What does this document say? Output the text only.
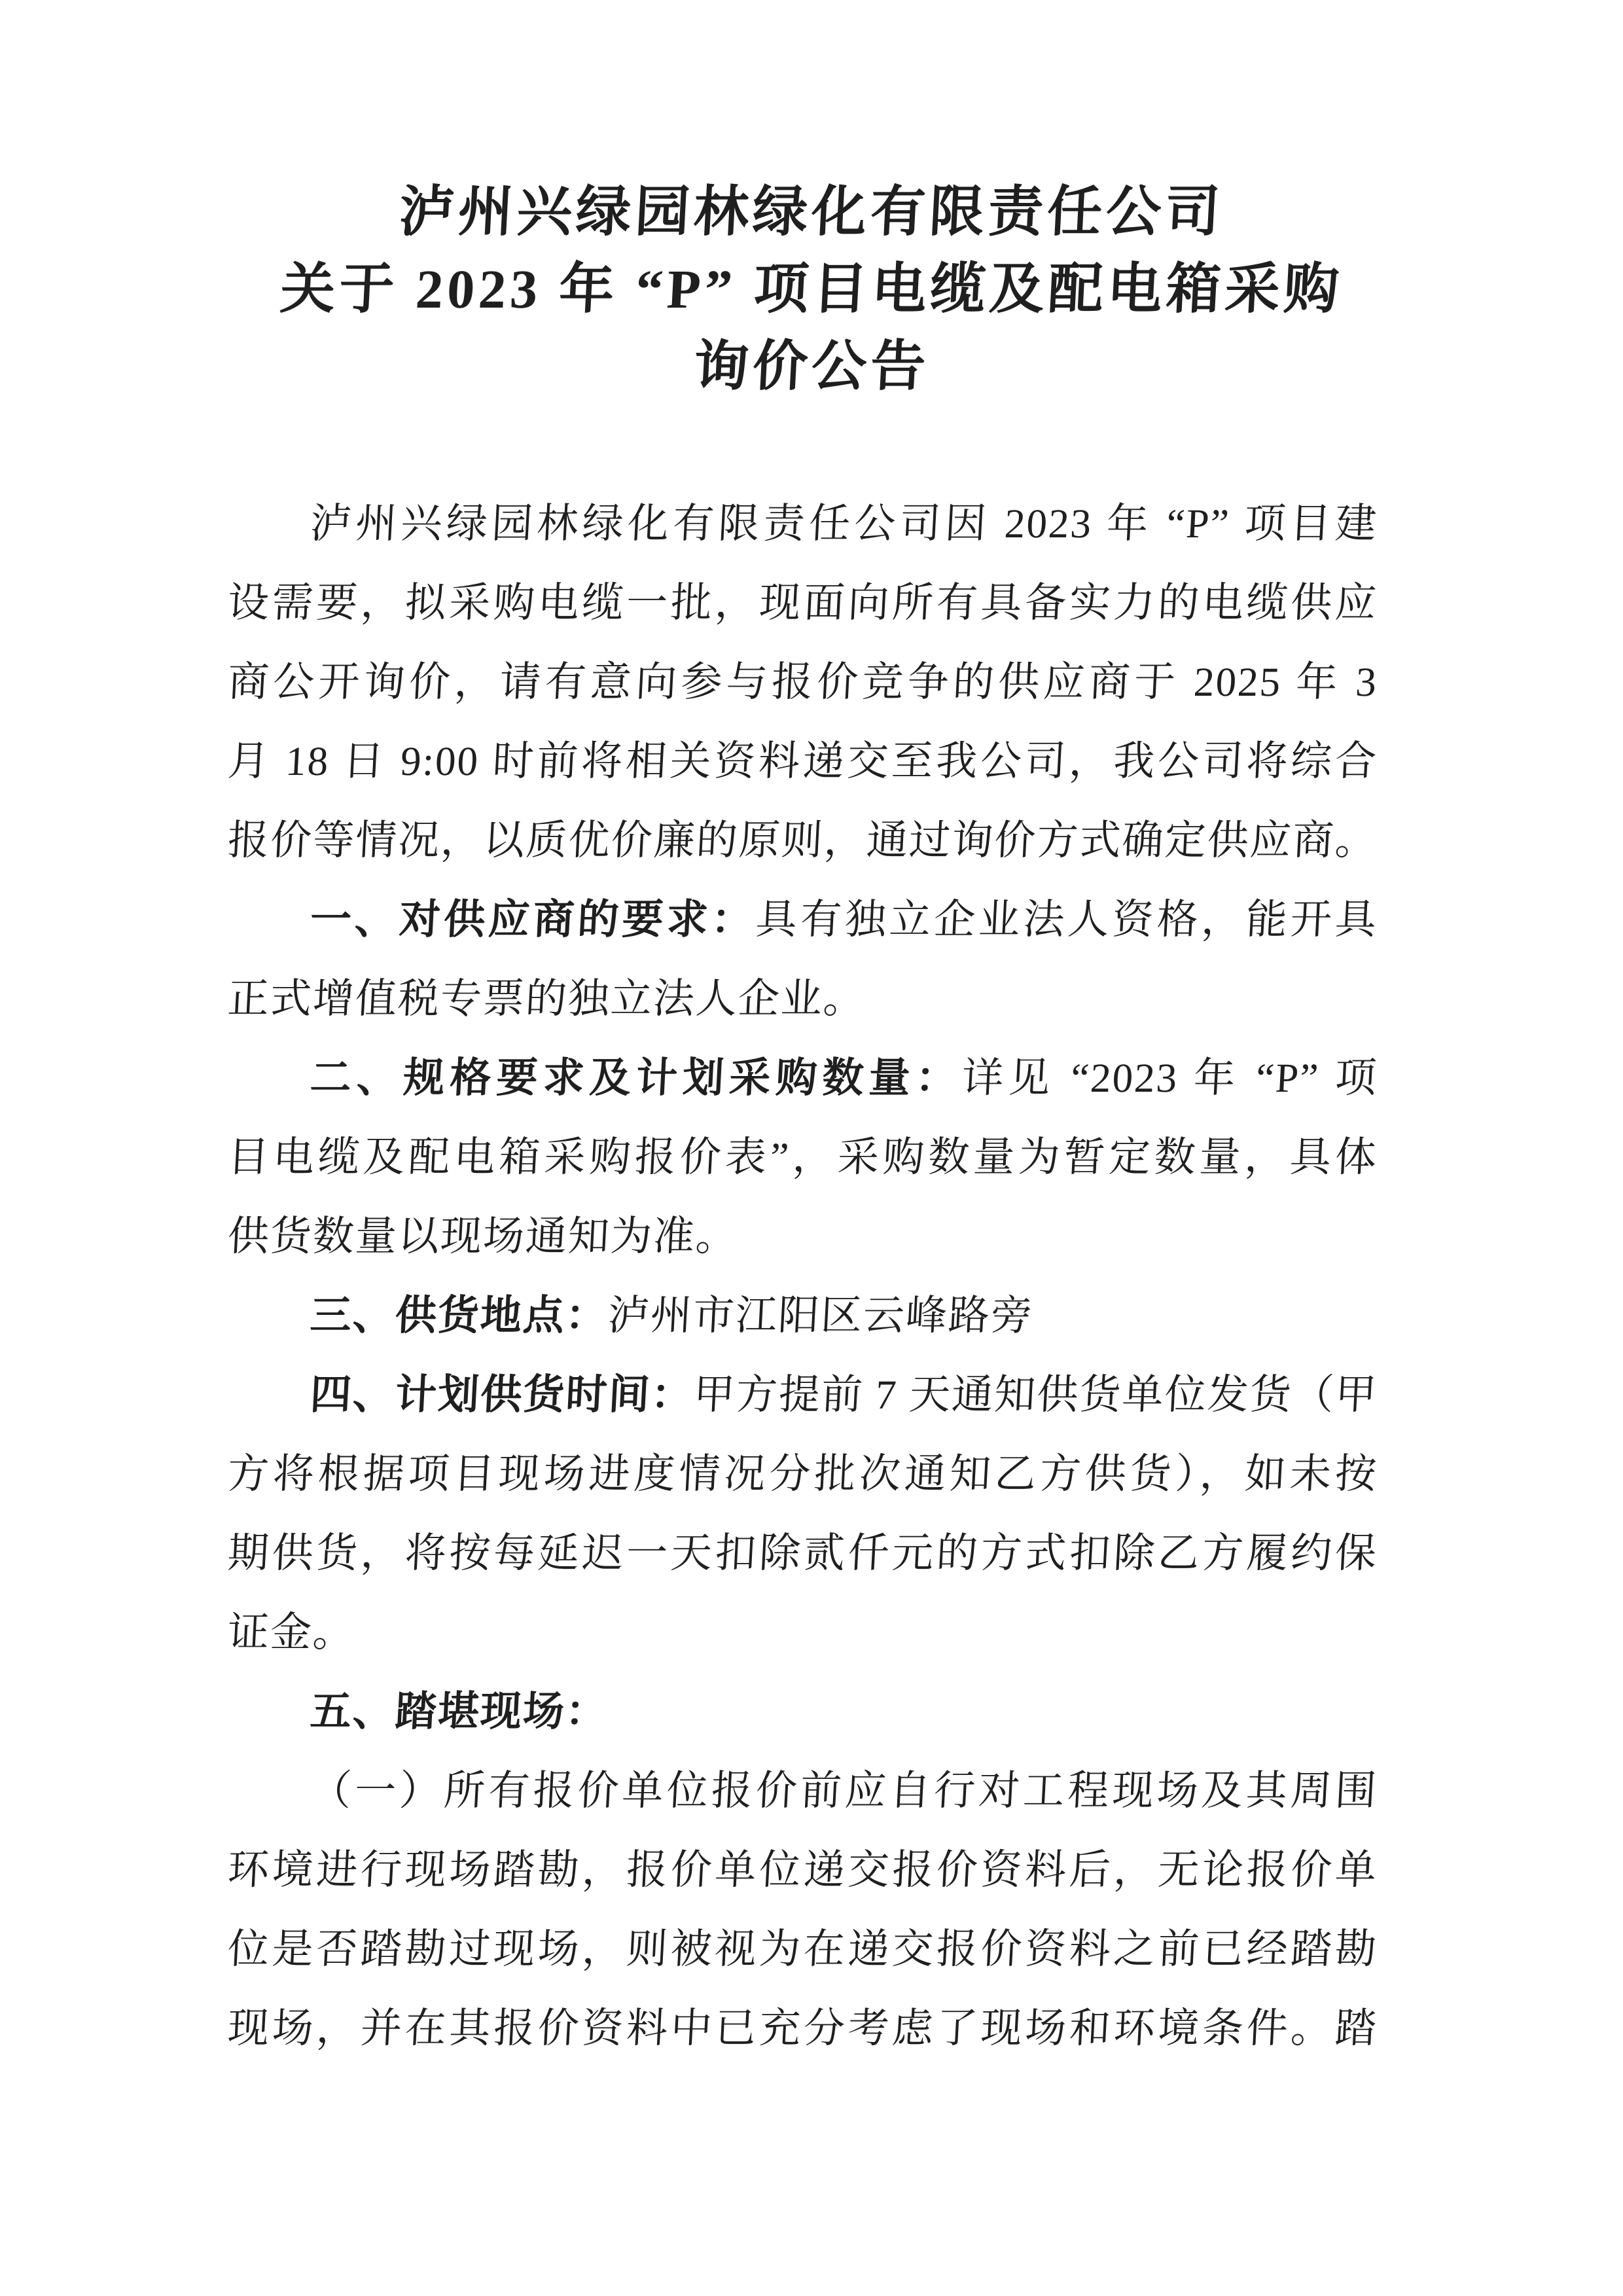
泸州兴绿园林绿化有限责任公司
关于 2023 年 “P” 项目电缆及配电箱采购
询价公告
泸州兴绿园林绿化有限责任公司因 2023 年 “P” 项目建
设需要，拟采购电缆一批，现面向所有具备实力的电缆供应
商公开询价，请有意向参与报价竞争的供应商于 2025 年 3
月 18 日 9:00 时前将相关资料递交至我公司，我公司将综合
报价等情况，以质优价廉的原则，通过询价方式确定供应商。
一、对供应商的要求：具有独立企业法人资格，能开具
正式增值税专票的独立法人企业。
二、规格要求及计划采购数量：详见 “2023 年 “P” 项
目电缆及配电箱采购报价表”，采购数量为暂定数量，具体
供货数量以现场通知为准。
三、供货地点：泸州市江阳区云峰路旁
四、计划供货时间：甲方提前 7 天通知供货单位发货（甲
方将根据项目现场进度情况分批次通知乙方供货），如未按
期供货，将按每延迟一天扣除贰仟元的方式扣除乙方履约保
证金。
五、踏堪现场：
（一）所有报价单位报价前应自行对工程现场及其周围
环境进行现场踏勘，报价单位递交报价资料后，无论报价单
位是否踏勘过现场，则被视为在递交报价资料之前已经踏勘
现场，并在其报价资料中已充分考虑了现场和环境条件。踏
